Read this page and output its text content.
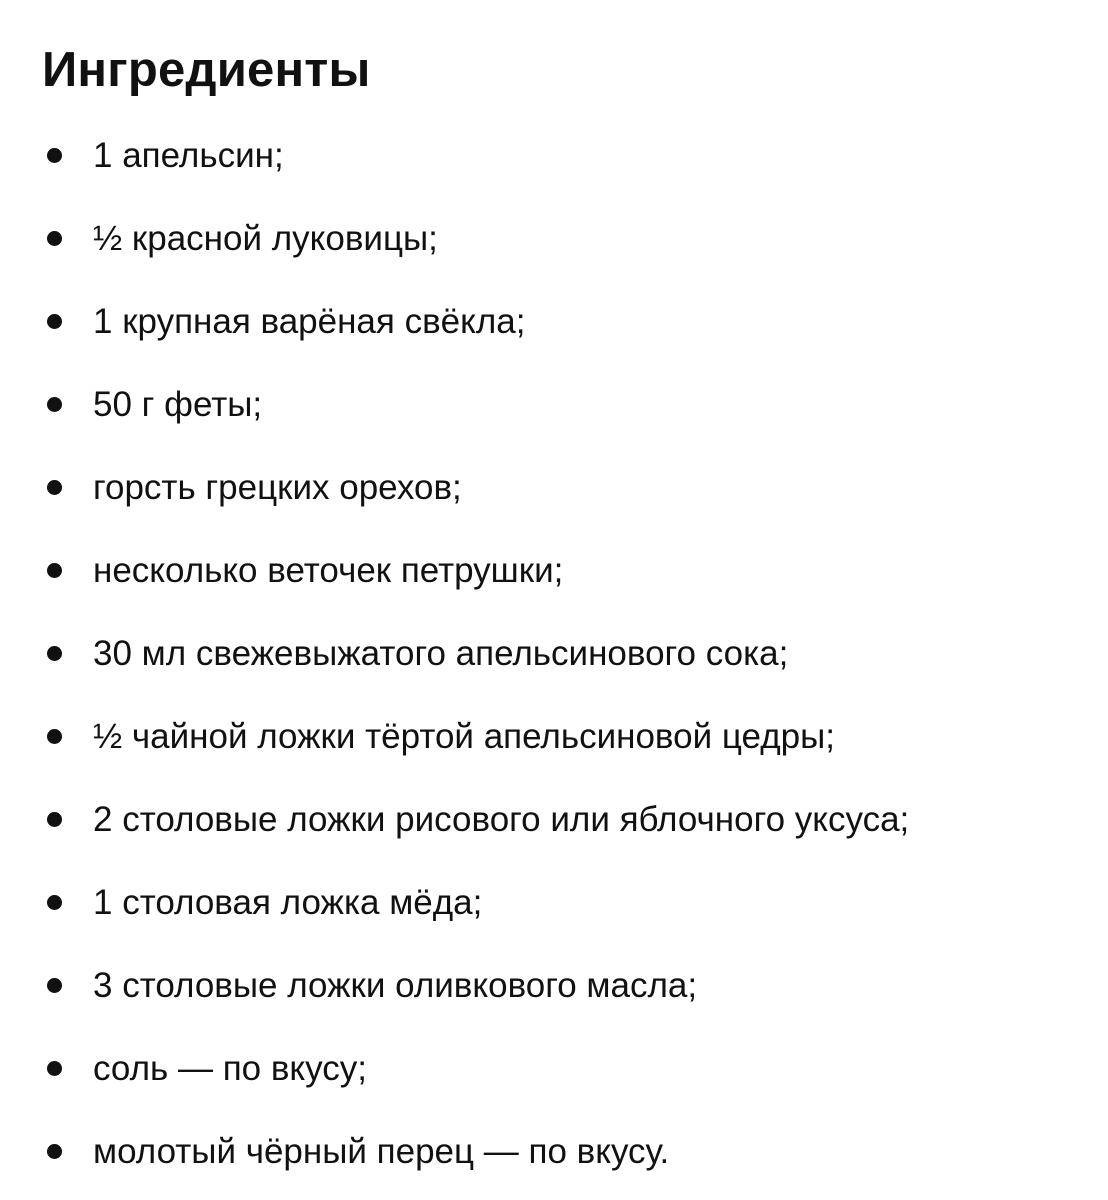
Ингредиенты
1 апельсин;
½ красной луковицы;
1 крупная варёная свёкла;
50 г феты;
горсть грецких орехов;
несколько веточек петрушки;
30 мл свежевыжатого апельсинового сока;
½ чайной ложки тёртой апельсиновой цедры;
2 столовые ложки рисового или яблочного уксуса;
1 столовая ложка мёда;
3 столовые ложки оливкового масла;
соль — по вкусу;
молотый чёрный перец — по вкусу.
